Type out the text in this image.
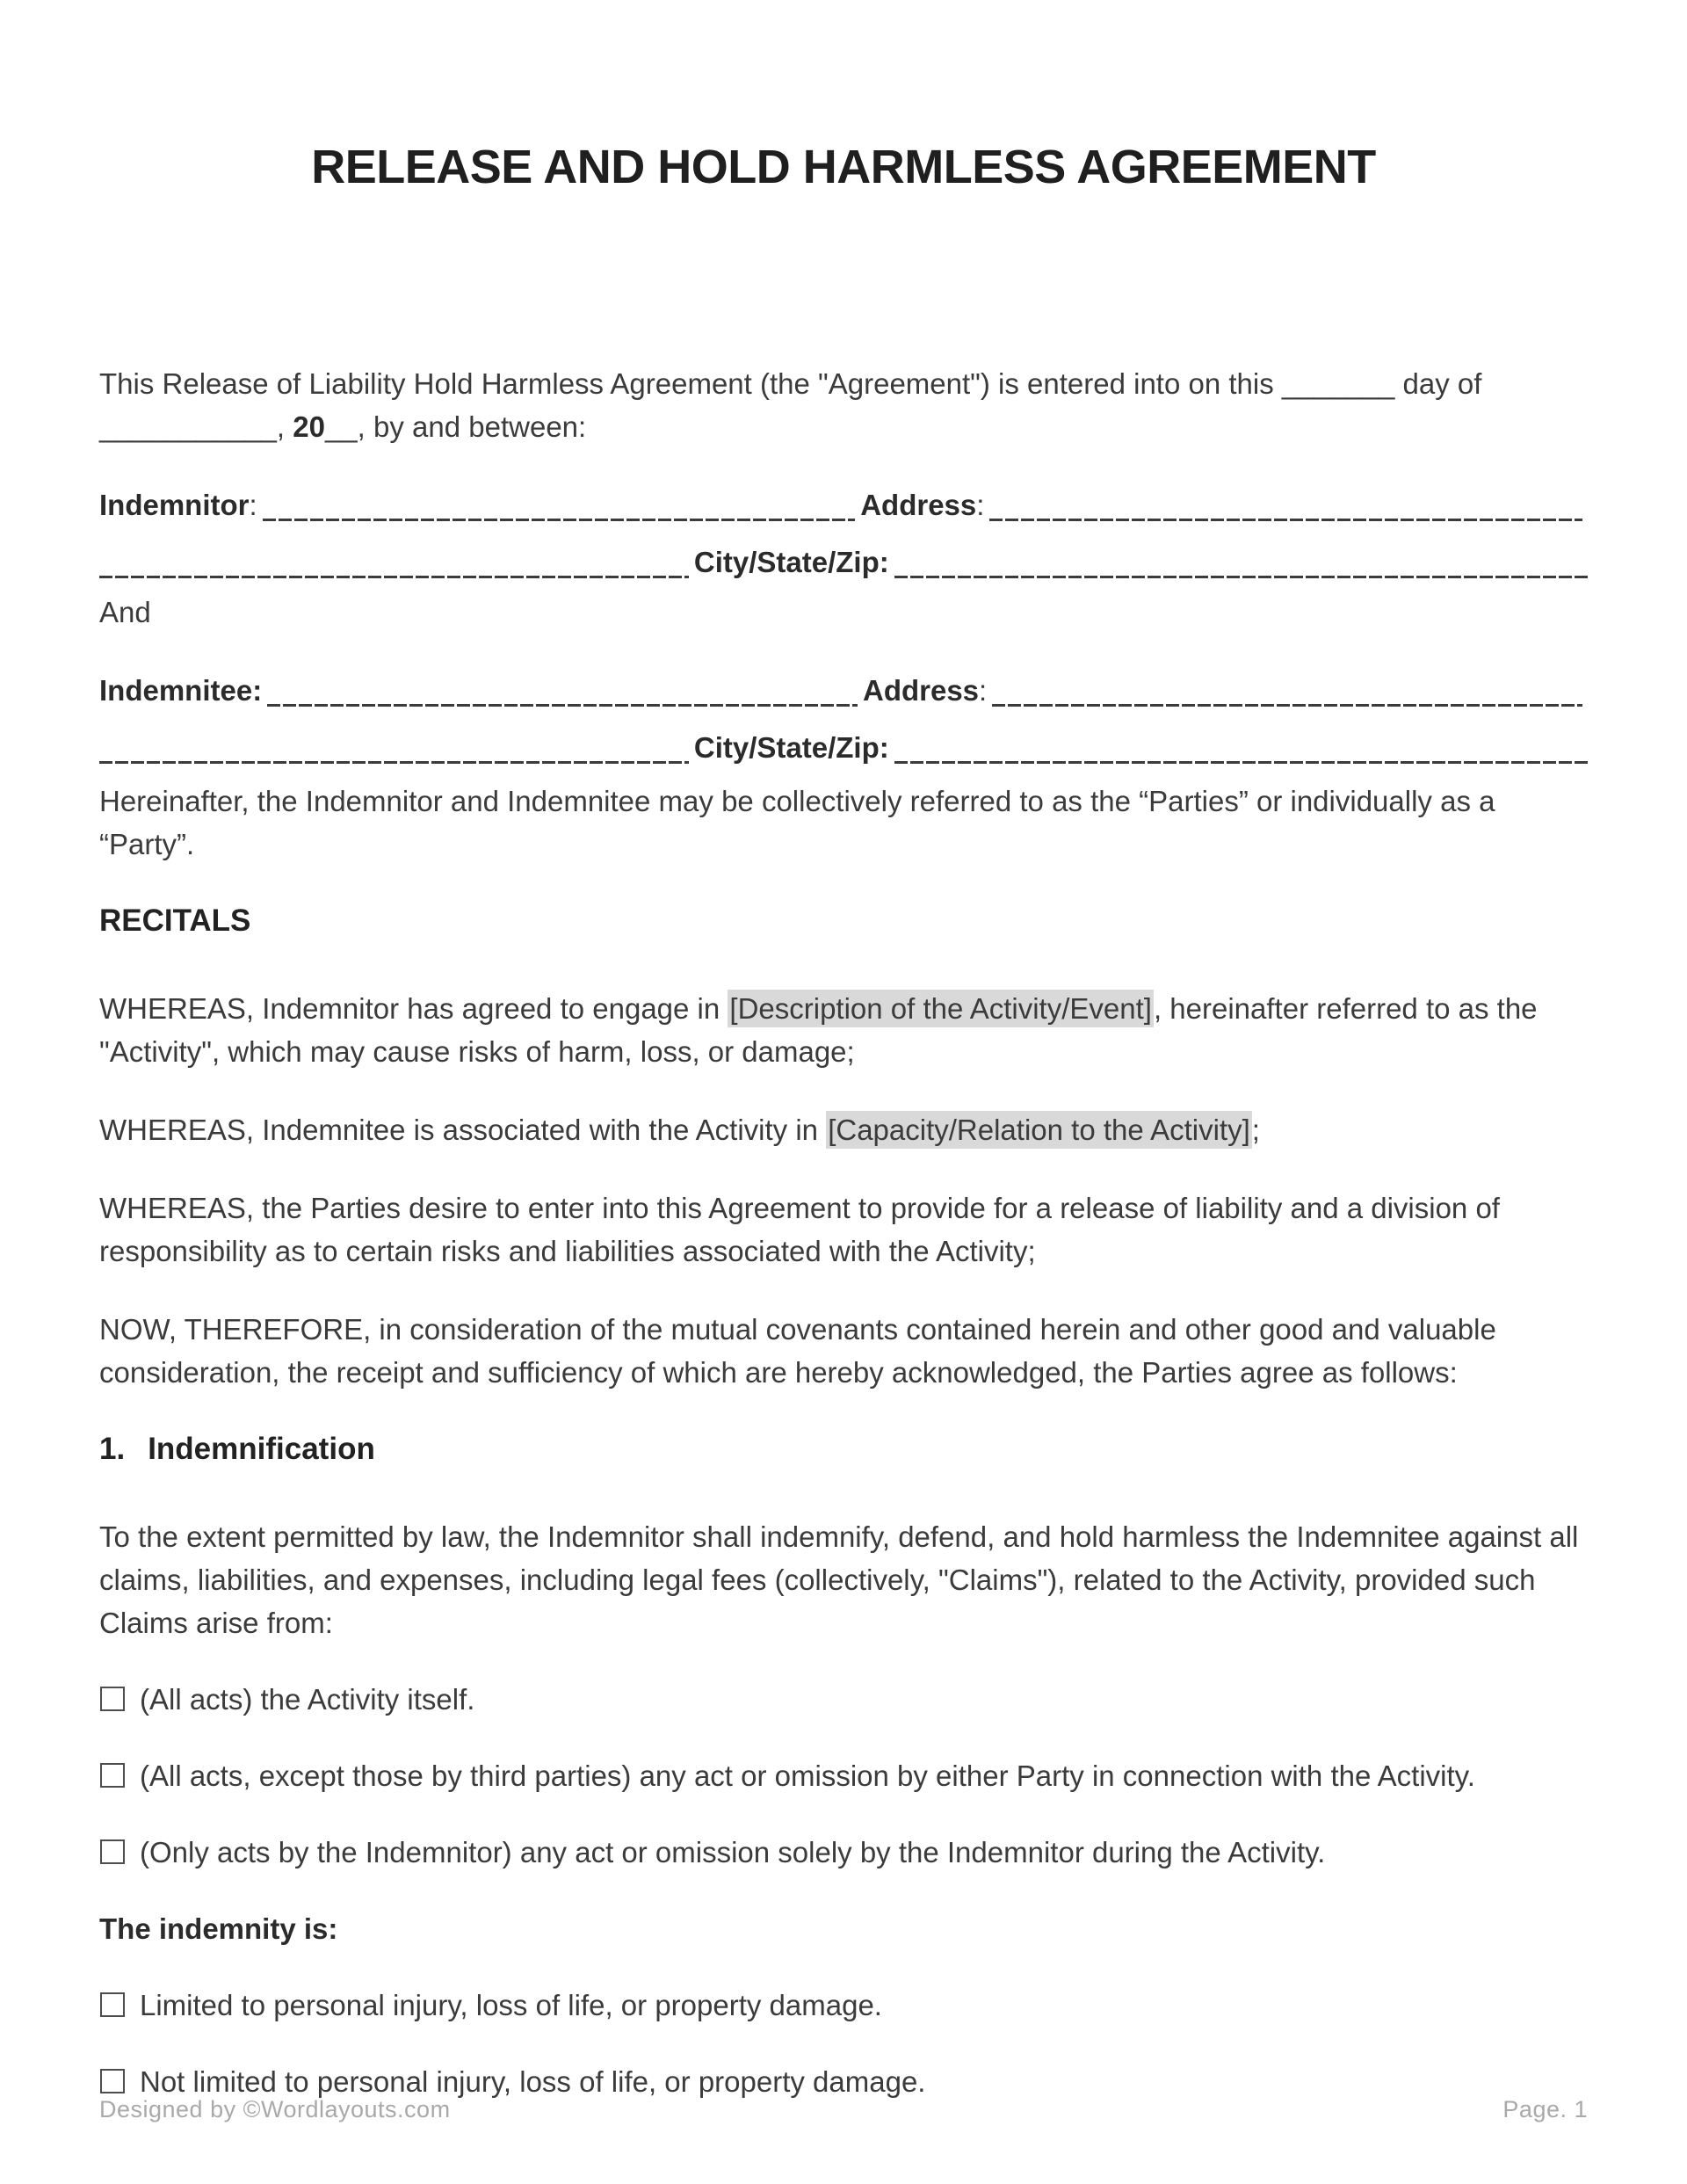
RELEASE AND HOLD HARMLESS AGREEMENT

This Release of Liability Hold Harmless Agreement (the "Agreement") is entered into on this _______ day of ___________, 20__, by and between:

Indemnitor :	Address :
City/State/Zip:

And

Indemnitee:	Address :
City/State/Zip:

Hereinafter, the Indemnitor and Indemnitee may be collectively referred to as the “Parties” or individually as a “Party”.

RECITALS

WHEREAS, Indemnitor has agreed to engage in [Description of the Activity/Event], hereinafter referred to as the "Activity", which may cause risks of harm, loss, or damage;

WHEREAS, Indemnitee is associated with the Activity in [Capacity/Relation to the Activity];

WHEREAS, the Parties desire to enter into this Agreement to provide for a release of liability and a division of responsibility as to certain risks and liabilities associated with the Activity;

NOW, THEREFORE, in consideration of the mutual covenants contained herein and other good and valuable consideration, the receipt and sufficiency of which are hereby acknowledged, the Parties agree as follows:

1. Indemnification

To the extent permitted by law, the Indemnitor shall indemnify, defend, and hold harmless the Indemnitee against all claims, liabilities, and expenses, including legal fees (collectively, "Claims"), related to the Activity, provided such Claims arise from:

(All acts) the Activity itself.
(All acts, except those by third parties) any act or omission by either Party in connection with the Activity.
(Only acts by the Indemnitor) any act or omission solely by the Indemnitor during the Activity.

The indemnity is:

Limited to personal injury, loss of life, or property damage.
Not limited to personal injury, loss of life, or property damage.
Designed by ©Wordlayouts.com	Page. 1
